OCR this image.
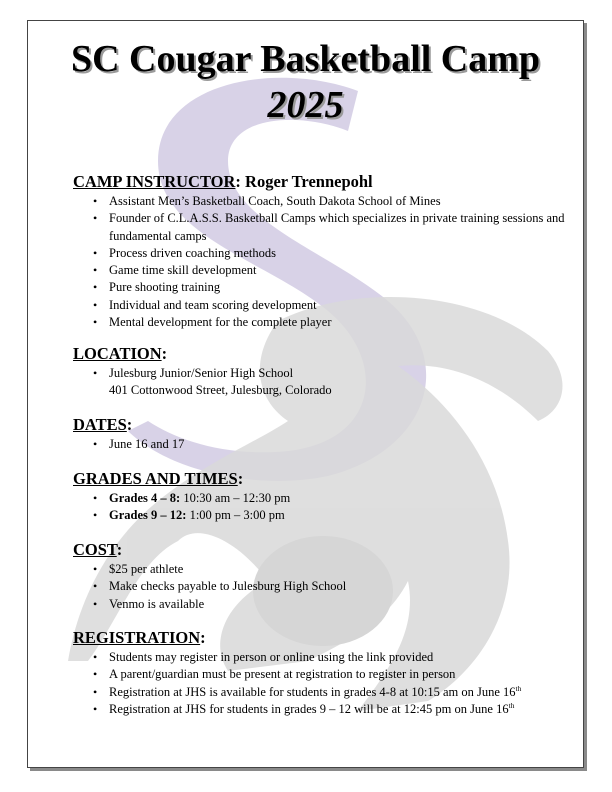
SC Cougar Basketball Camp
2025

CAMP INSTRUCTOR: Roger Trennepohl

• Assistant Men’s Basketball Coach, South Dakota School of Mines
• Founder of C.L.A.S.S. Basketball Camps which specializes in private training sessions and fundamental camps
• Process driven coaching methods
• Game time skill development
• Pure shooting training
• Individual and team scoring development
• Mental development for the complete player

LOCATION:

• Julesburg Junior/Senior High School
401 Cottonwood Street, Julesburg, Colorado

DATES:

• June 16 and 17

GRADES AND TIMES:

• Grades 4 – 8: 10:30 am – 12:30 pm
• Grades 9 – 12: 1:00 pm – 3:00 pm

COST:

• $25 per athlete
• Make checks payable to Julesburg High School
• Venmo is available

REGISTRATION:

• Students may register in person or online using the link provided
• A parent/guardian must be present at registration to register in person
• Registration at JHS is available for students in grades 4-8 at 10:15 am on June 16th
• Registration at JHS for students in grades 9 – 12 will be at 12:45 pm on June 16th
